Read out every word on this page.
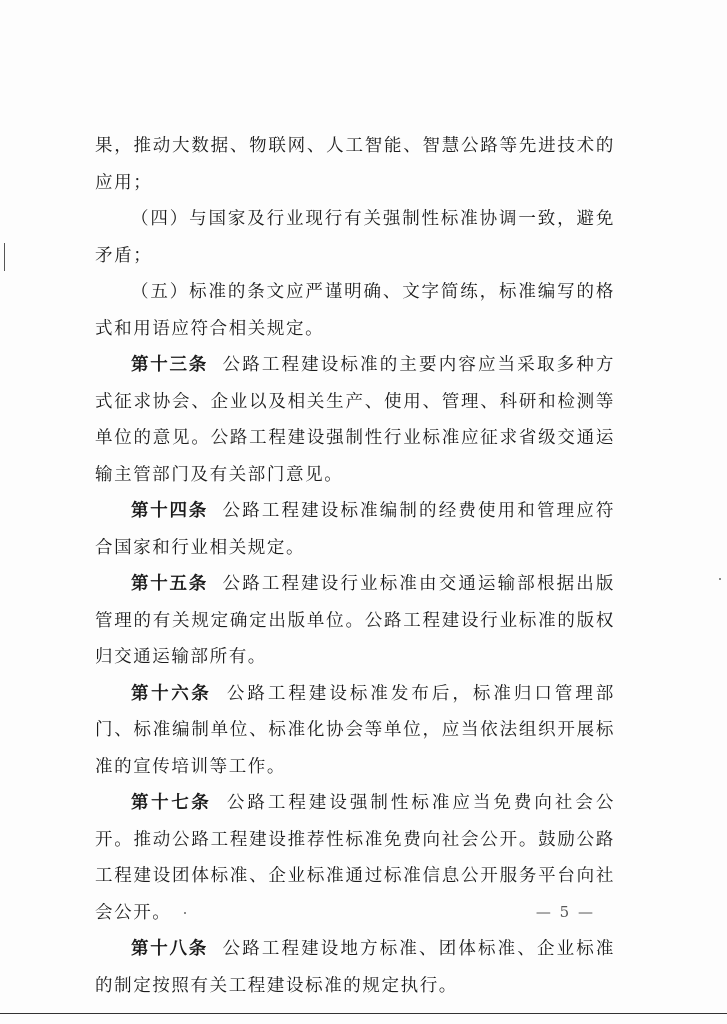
果，推动大数据、物联网、人工智能、智慧公路等先进技术的应用；

（四）与国家及行业现行有关强制性标准协调一致，避免矛盾；

（五）标准的条文应严谨明确、文字简练，标准编写的格式和用语应符合相关规定。

第十三条 公路工程建设标准的主要内容应当采取多种方式征求协会、企业以及相关生产、使用、管理、科研和检测等单位的意见。公路工程建设强制性行业标准应征求省级交通运输主管部门及有关部门意见。

第十四条 公路工程建设标准编制的经费使用和管理应符合国家和行业相关规定。

第十五条 公路工程建设行业标准由交通运输部根据出版管理的有关规定确定出版单位。公路工程建设行业标准的版权归交通运输部所有。

第十六条 公路工程建设标准发布后，标准归口管理部门、标准编制单位、标准化协会等单位，应当依法组织开展标准的宣传培训等工作。

第十七条 公路工程建设强制性标准应当免费向社会公开。推动公路工程建设推荐性标准免费向社会公开。鼓励公路工程建设团体标准、企业标准通过标准信息公开服务平台向社会公开。

第十八条 公路工程建设地方标准、团体标准、企业标准的制定按照有关工程建设标准的规定执行。

— 5 —
